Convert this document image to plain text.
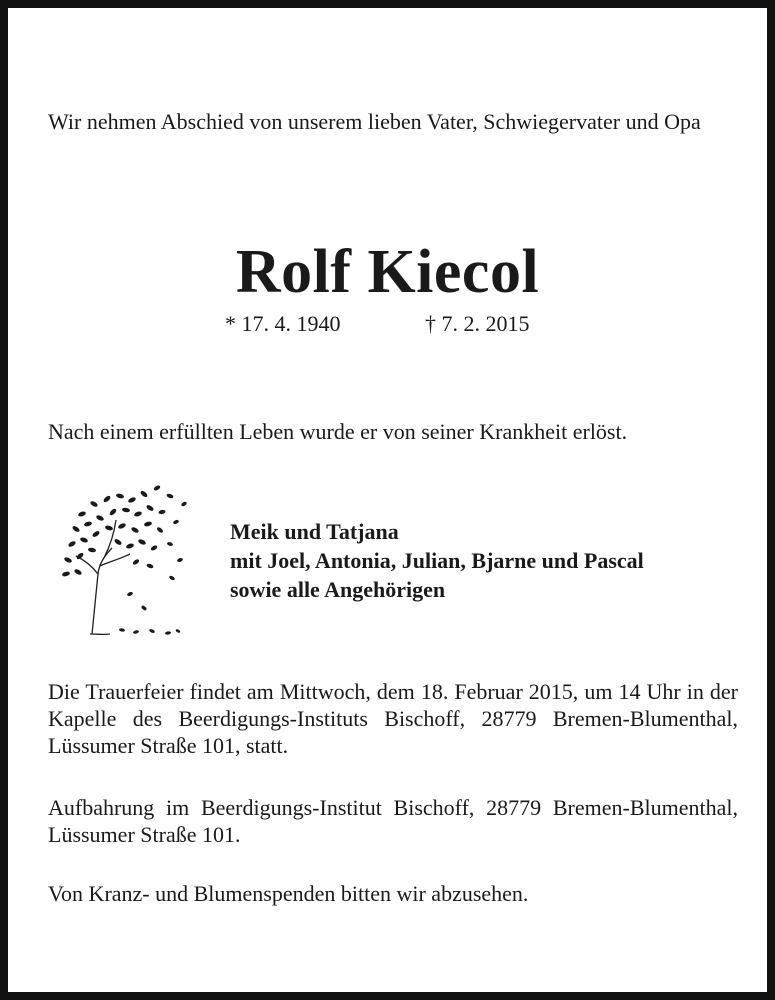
Wir nehmen Abschied von unserem lieben Vater, Schwiegervater und Opa

Rolf Kiecol

* 17. 4. 1940	† 7. 2. 2015

Nach einem erfüllten Leben wurde er von seiner Krankheit erlöst.

Meik und Tatjana
mit Joel, Antonia, Julian, Bjarne und Pascal
sowie alle Angehörigen

Die Trauerfeier findet am Mittwoch, dem 18. Februar 2015, um 14 Uhr in der Kapelle des Beerdigungs-Instituts Bischoff, 28779 Bremen-Blumenthal, Lüssumer Straße 101, statt.

Aufbahrung im Beerdigungs-Institut Bischoff, 28779 Bremen-Blumenthal, Lüssumer Straße 101.

Von Kranz- und Blumenspenden bitten wir abzusehen.
